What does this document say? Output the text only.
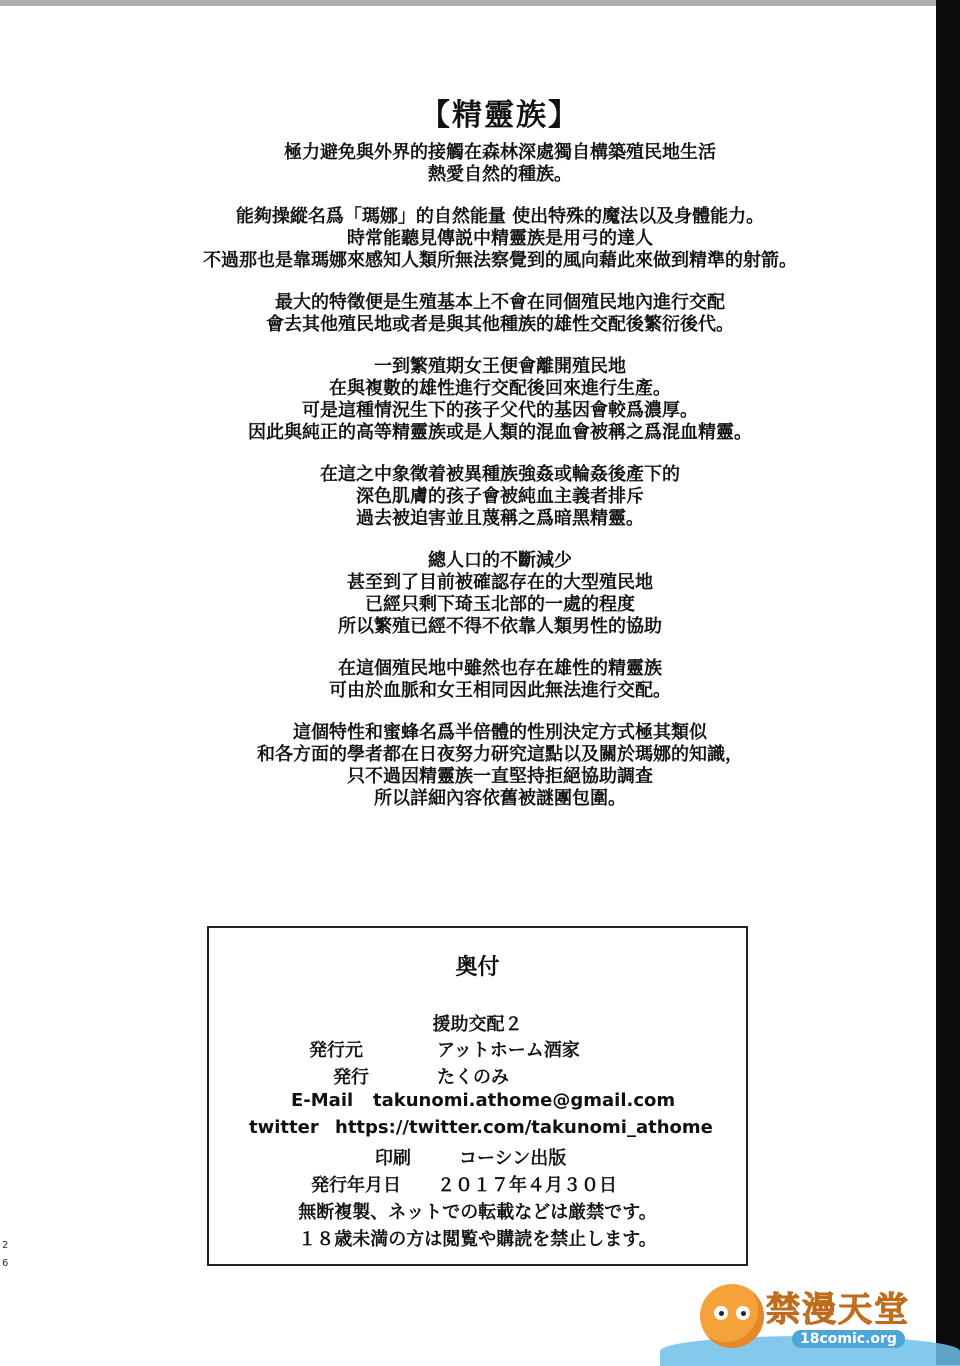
【精靈族】
極力避免與外界的接觸在森林深處獨自構築殖民地生活
熱愛自然的種族。
能夠操縱名爲「瑪娜」的自然能量 使出特殊的魔法以及身體能力。
時常能聽見傳説中精靈族是用弓的達人
不過那也是靠瑪娜來感知人類所無法察覺到的風向藉此來做到精準的射箭。
最大的特徵便是生殖基本上不會在同個殖民地內進行交配
會去其他殖民地或者是與其他種族的雄性交配後繁衍後代。
一到繁殖期女王便會離開殖民地
在與複數的雄性進行交配後回來進行生產。
可是這種情況生下的孩子父代的基因會較爲濃厚。
因此與純正的高等精靈族或是人類的混血會被稱之爲混血精靈。
在這之中象徵着被異種族強姦或輪姦後產下的
深色肌膚的孩子會被純血主義者排斥
過去被迫害並且蔑稱之爲暗黑精靈。
總人口的不斷減少
甚至到了目前被確認存在的大型殖民地
已經只剩下琦玉北部的一處的程度
所以繁殖已經不得不依靠人類男性的協助
在這個殖民地中雖然也存在雄性的精靈族
可由於血脈和女王相同因此無法進行交配。
這個特性和蜜蜂名爲半倍體的性別決定方式極其類似
和各方面的學者都在日夜努力研究這點以及關於瑪娜的知識，
只不過因精靈族一直堅持拒絕協助調查
所以詳細內容依舊被謎團包圍。
奥付
援助交配２
発行元	アットホーム酒家
発行	たくのみ
E-Mail	takunomi.athome@gmail.com
twitter https://twitter.com/takunomi_athome
印刷	コーシン出版
発行年月日	２０１７年４月３０日
無断複製、ネットでの転載などは厳禁です。
１８歳未満の方は閲覧や購読を禁止します。
2
6
禁漫天堂
18comic.org
